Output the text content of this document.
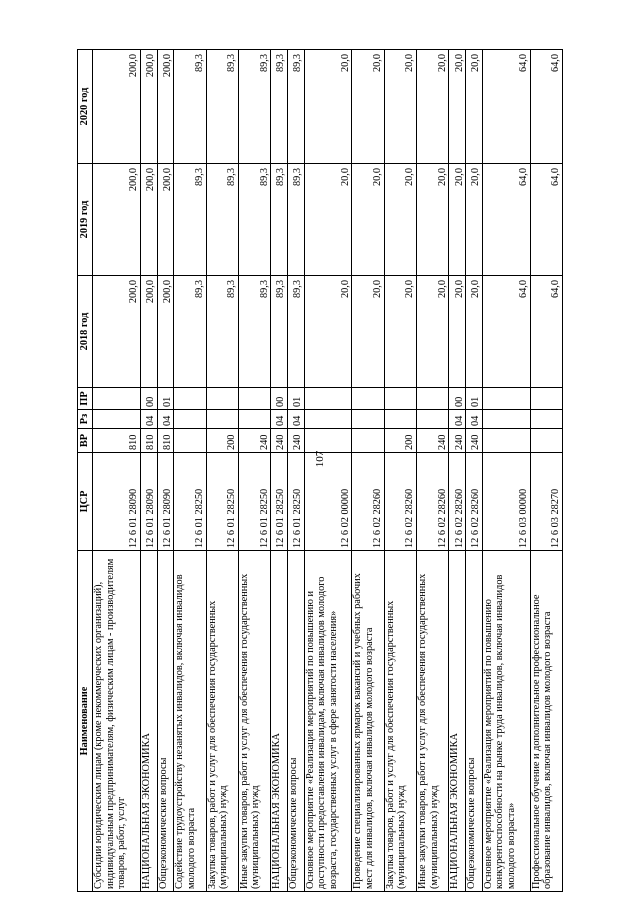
107
Наименование	ЦСР	ВР	Рз	ПР	2018 год	2019 год	2020 год
Субсидии юридическим лицам (кроме некоммерческих организаций), индивидуальным предпринимателям, физическим лицам - производителям товаров, работ, услуг	12 6 01 28090	810			200,0	200,0	200,0
НАЦИОНАЛЬНАЯ ЭКОНОМИКА	12 6 01 28090	810	04	00	200,0	200,0	200,0
Общеэкономические вопросы	12 6 01 28090	810	04	01	200,0	200,0	200,0
Содействие трудоустройству незанятых инвалидов, включая инвалидов молодого возраста	12 6 01 28250				89,3	89,3	89,3
Закупка товаров, работ и услуг для обеспечения государственных (муниципальных) нужд	12 6 01 28250	200			89,3	89,3	89,3
Иные закупки товаров, работ и услуг для обеспечения государственных (муниципальных) нужд	12 6 01 28250	240			89,3	89,3	89,3
НАЦИОНАЛЬНАЯ ЭКОНОМИКА	12 6 01 28250	240	04	00	89,3	89,3	89,3
Общеэкономические вопросы	12 6 01 28250	240	04	01	89,3	89,3	89,3
Основное мероприятие «Реализация мероприятий по повышению и доступности предоставления инвалидам, включая инвалидов молодого возраста, государственных услуг в сфере занятости населения»	12 6 02 00000				20,0	20,0	20,0
Проведение специализированных ярмарок вакансий и учебных рабочих мест для инвалидов, включая инвалидов молодого возраста	12 6 02 28260				20,0	20,0	20,0
Закупка товаров, работ и услуг для обеспечения государственных (муниципальных) нужд	12 6 02 28260	200			20,0	20,0	20,0
Иные закупки товаров, работ и услуг для обеспечения государственных (муниципальных) нужд	12 6 02 28260	240			20,0	20,0	20,0
НАЦИОНАЛЬНАЯ ЭКОНОМИКА	12 6 02 28260	240	04	00	20,0	20,0	20,0
Общеэкономические вопросы	12 6 02 28260	240	04	01	20,0	20,0	20,0
Основное мероприятие «Реализация мероприятий по повышению конкурентоспособности на рынке труда инвалидов, включая инвалидов молодого возраста»	12 6 03 00000				64,0	64,0	64,0
Профессиональное обучение и дополнительное профессиональное образование инвалидов, включая инвалидов молодого возраста	12 6 03 28270				64,0	64,0	64,0
